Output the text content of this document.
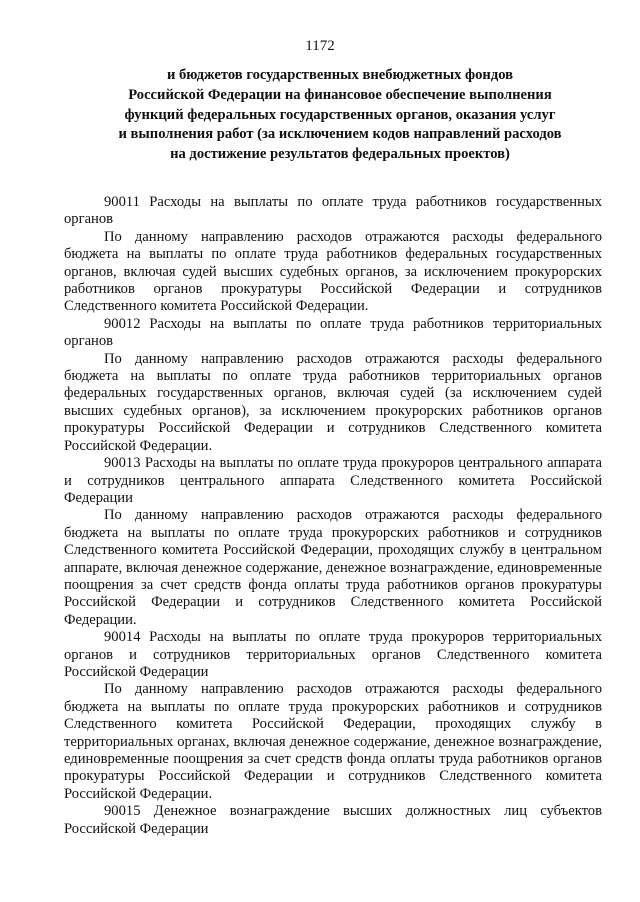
1172
и бюджетов государственных внебюджетных фондов
Российской Федерации на финансовое обеспечение выполнения
функций федеральных государственных органов, оказания услуг
и выполнения работ (за исключением кодов направлений расходов
на достижение результатов федеральных проектов)

90011 Расходы на выплаты по оплате труда работников государственных органов

По данному направлению расходов отражаются расходы федерального бюджета на выплаты по оплате труда работников федеральных государственных органов, включая судей высших судебных органов, за исключением прокурорских работников органов прокуратуры Российской Федерации и сотрудников Следственного комитета Российской Федерации.

90012 Расходы на выплаты по оплате труда работников территориальных органов

По данному направлению расходов отражаются расходы федерального бюджета на выплаты по оплате труда работников территориальных органов федеральных государственных органов, включая судей (за исключением судей высших судебных органов), за исключением прокурорских работников органов прокуратуры Российской Федерации и сотрудников Следственного комитета Российской Федерации.

90013 Расходы на выплаты по оплате труда прокуроров центрального аппарата и сотрудников центрального аппарата Следственного комитета Российской Федерации

По данному направлению расходов отражаются расходы федерального бюджета на выплаты по оплате труда прокурорских работников и сотрудников Следственного комитета Российской Федерации, проходящих службу в центральном аппарате, включая денежное содержание, денежное вознаграждение, единовременные поощрения за счет средств фонда оплаты труда работников органов прокуратуры Российской Федерации и сотрудников Следственного комитета Российской Федерации.

90014 Расходы на выплаты по оплате труда прокуроров территориальных органов и сотрудников территориальных органов Следственного комитета Российской Федерации

По данному направлению расходов отражаются расходы федерального бюджета на выплаты по оплате труда прокурорских работников и сотрудников Следственного комитета Российской Федерации, проходящих службу в территориальных органах, включая денежное содержание, денежное вознаграждение, единовременные поощрения за счет средств фонда оплаты труда работников органов прокуратуры Российской Федерации и сотрудников Следственного комитета Российской Федерации.

90015 Денежное вознаграждение высших должностных лиц субъектов Российской Федерации
